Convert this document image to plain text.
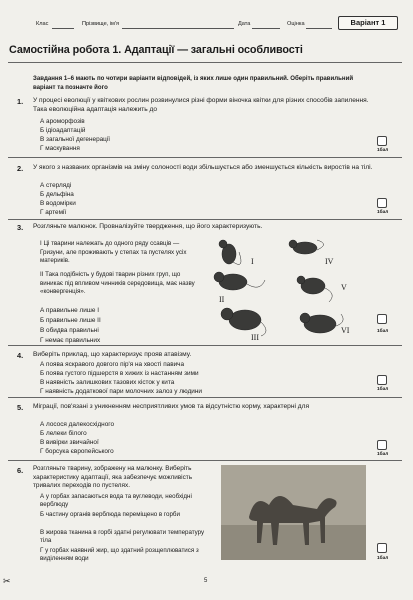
Клас	Прізвище, ім'я	Дата	Оцінка	Варіант 1
Самостійна робота 1. Адаптації — загальні особливості
Завдання 1–6 мають по чотири варіанти відповідей, із яких лише один правильний. Оберіть правильний варіант та позначте його
1. У процесі еволюції у квіткових рослин розвинулися різні форми віночка квітки для різних способів запилення. Така еволюційна адаптація належить до
А ароморфозів
Б ідіоадаптацій
В загальної дегенерації
Г маскування	1бал
2. У якого з названих організмів на зміну солоності води збільшується або зменшується кількість виростів на тілі.
А стерляді
Б дельфіна
В водомірки
Г артемії	1бал
3. Розгляньте малюнок. Провналізуйте твердження, що його характеризують.
І Ці тварини належать до одного ряду ссавців — Гризуни, але проживають у степах та пустелях усіх материків.
ІІ Така подібність у будові тварин різних груп, що виникає під впливом чинників середовища, має назву «конвергенція».
А правильне лише І
Б правильне лише ІІ
В обидва правильні
Г немає правильних
I
II
III
IV
V
VI	1бал
4. Виберіть приклад, що характеризує прояв атавізму.
А поява яскравого довгого пір'я на хвості павича
Б поява густого підшерстя в хижих із настанням зими
В наявність залишкових тазових кісток у кита
Г наявність додаткової пари молочних залоз у людини	1бал
5. Мігрaції, пов'язані з уникненням несприятливих умов та відсутністю корму, характерні для
А лосося далекосхідного
Б лелеки білого
В вивірки звичайної
Г борсука європейського	1бал
6. Розгляньте тварину, зображену на малюнку. Виберіть характеристику адаптації, яка забезпечує можливість тривалих переходів по пустелях.
А у горбах запасаються вода та вуглеводи, необхідні верблюду
Б частину органів верблюда переміщено в горби
В жирова тканина в горбі здатні регулювати температуру тіла
Г у горбах наявний жир, що здатний розщеплюватися з виділенням води	1бал
✂	5
